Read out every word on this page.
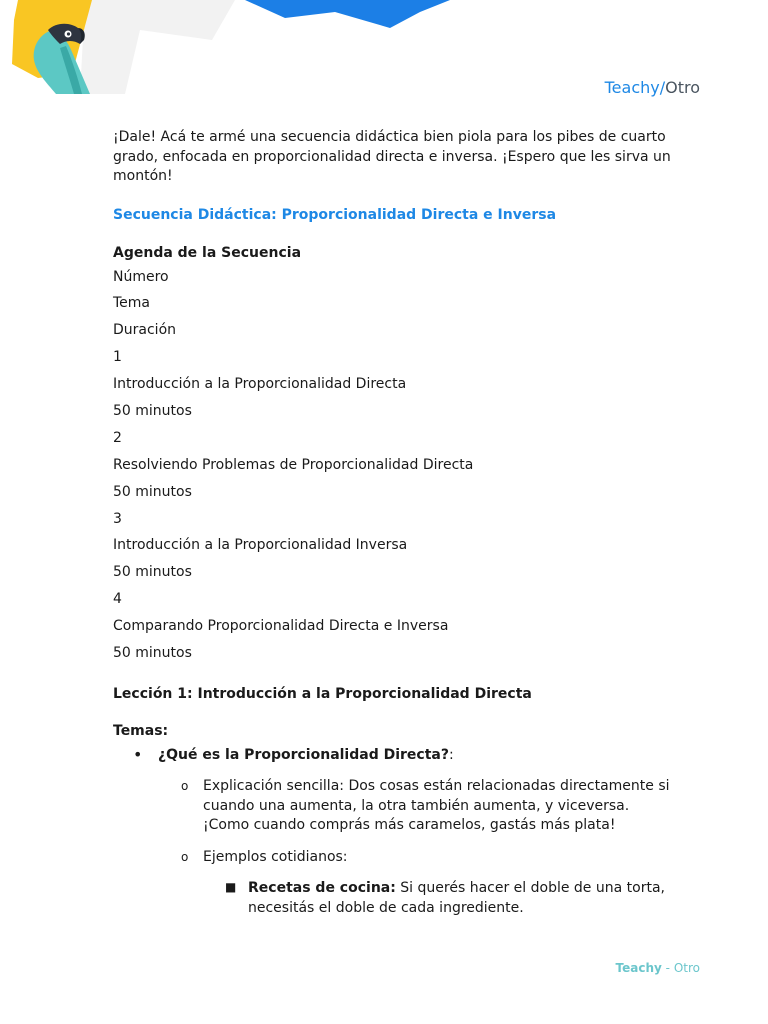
Teachy/Otro

¡Dale! Acá te armé una secuencia didáctica bien piola para los pibes de cuarto grado, enfocada en proporcionalidad directa e inversa. ¡Espero que les sirva un montón!

Secuencia Didáctica: Proporcionalidad Directa e Inversa

Agenda de la Secuencia

Número

Tema

Duración

1

Introducción a la Proporcionalidad Directa

50 minutos

2

Resolviendo Problemas de Proporcionalidad Directa

50 minutos

3

Introducción a la Proporcionalidad Inversa

50 minutos

4

Comparando Proporcionalidad Directa e Inversa

50 minutos

Lección 1: Introducción a la Proporcionalidad Directa

Temas:

• ¿Qué es la Proporcionalidad Directa?:
o Explicación sencilla: Dos cosas están relacionadas directamente si cuando una aumenta, la otra también aumenta, y viceversa. ¡Como cuando comprás más caramelos, gastás más plata!
o Ejemplos cotidianos:
■ Recetas de cocina: Si querés hacer el doble de una torta, necesitás el doble de cada ingrediente.
Teachy - Otro
